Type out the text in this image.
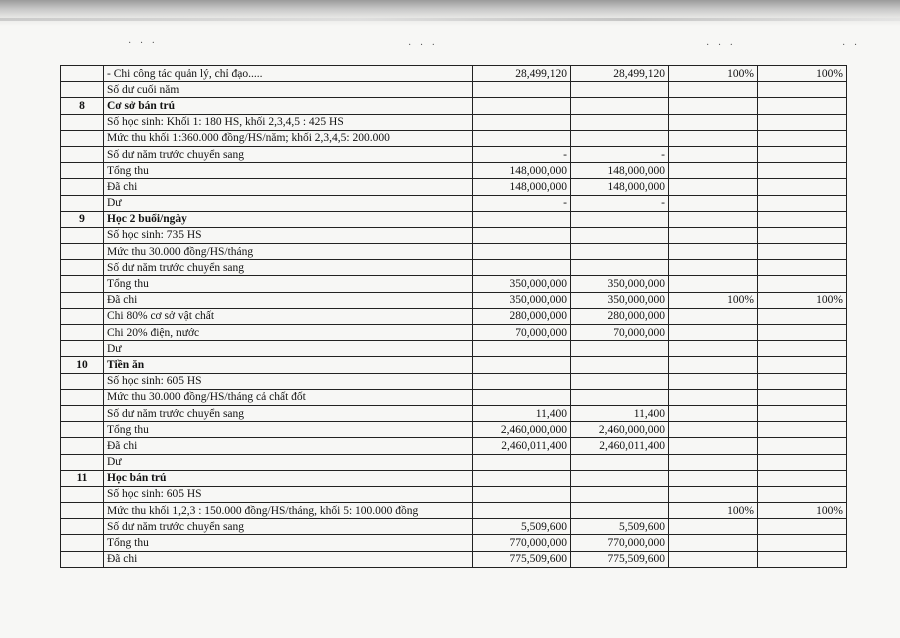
· · ·	· · ·	· · ·	· ·
	- Chi công tác quản lý, chỉ đạo.....	28,499,120	28,499,120	100%	100%
	Số dư cuối năm				
8	Cơ sở bán trú				
	Số học sinh: Khối 1: 180 HS, khối 2,3,4,5 : 425 HS				
	Mức thu khối 1:360.000 đồng/HS/năm; khối 2,3,4,5: 200.000				
	Số dư năm trước chuyển sang	-	-		
	Tổng thu	148,000,000	148,000,000		
	Đã chi	148,000,000	148,000,000		
	Dư	-	-		
9	Học 2 buổi/ngày				
	Số học sinh: 735 HS				
	Mức thu 30.000 đồng/HS/tháng				
	Số dư năm trước chuyển sang				
	Tổng thu	350,000,000	350,000,000		
	Đã chi	350,000,000	350,000,000	100%	100%
	Chi 80% cơ sở vật chất	280,000,000	280,000,000		
	Chi 20% điện, nước	70,000,000	70,000,000		
	Dư				
10	Tiền ăn				
	Số học sinh: 605 HS				
	Mức thu 30.000 đồng/HS/tháng cả chất đốt				
	Số dư năm trước chuyển sang	11,400	11,400		
	Tổng thu	2,460,000,000	2,460,000,000		
	Đã chi	2,460,011,400	2,460,011,400		
	Dư				
11	Học bán trú				
	Số học sinh: 605 HS				
	Mức thu khối 1,2,3 : 150.000 đồng/HS/tháng, khối 5: 100.000 đồng			100%	100%
	Số dư năm trước chuyển sang	5,509,600	5,509,600		
	Tổng thu	770,000,000	770,000,000		
	Đã chi	775,509,600	775,509,600		
